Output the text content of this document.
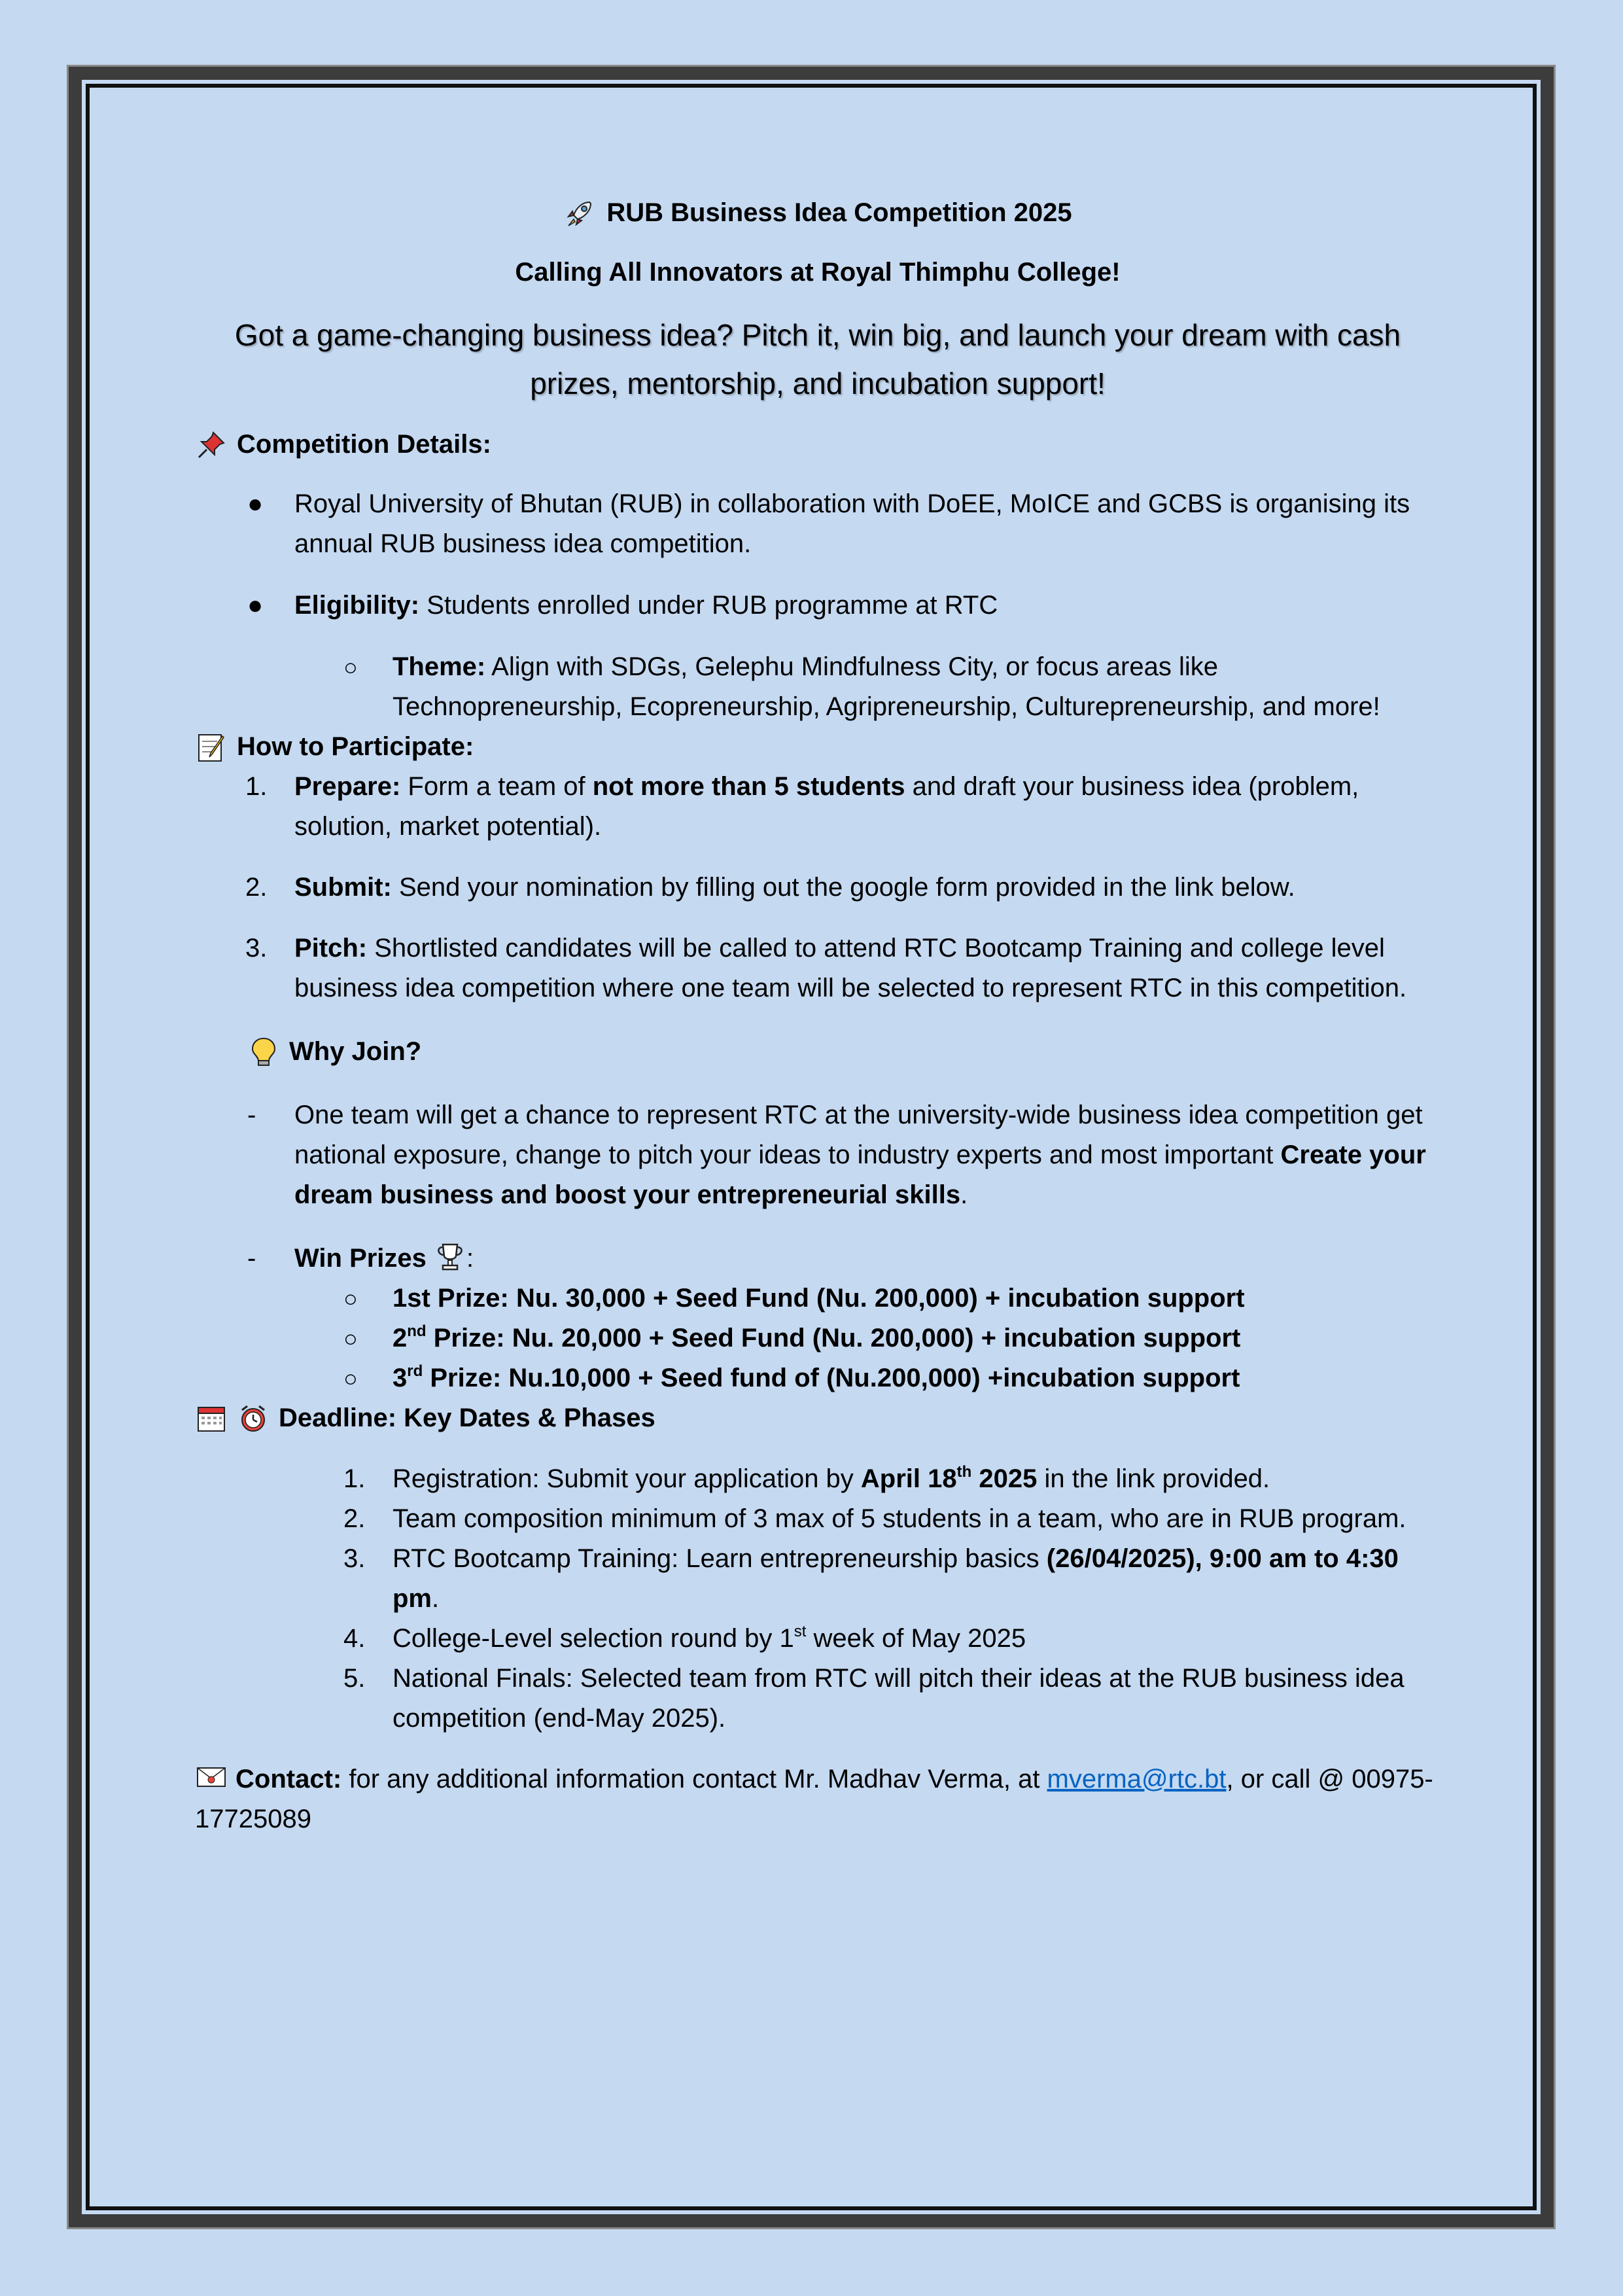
RUB Business Idea Competition 2025
Calling All Innovators at Royal Thimphu College!
Got a game-changing business idea? Pitch it, win big, and launch your dream with cash prizes, mentorship, and incubation support!
Competition Details:
● Royal University of Bhutan (RUB) in collaboration with DoEE, MoICE and GCBS is organising its annual RUB business idea competition.
● Eligibility: Students enrolled under RUB programme at RTC
○ Theme: Align with SDGs, Gelephu Mindfulness City, or focus areas like Technopreneurship, Ecopreneurship, Agripreneurship, Culturepreneurship, and more!
How to Participate:
1. Prepare: Form a team of not more than 5 students and draft your business idea (problem, solution, market potential).
2. Submit: Send your nomination by filling out the google form provided in the link below.
3. Pitch: Shortlisted candidates will be called to attend RTC Bootcamp Training and college level business idea competition where one team will be selected to represent RTC in this competition.
Why Join?
- One team will get a chance to represent RTC at the university-wide business idea competition get national exposure, change to pitch your ideas to industry experts and most important Create your dream business and boost your entrepreneurial skills.
- Win Prizes :
○ 1st Prize: Nu. 30,000 + Seed Fund (Nu. 200,000) + incubation support
○ 2nd Prize: Nu. 20,000 + Seed Fund (Nu. 200,000) + incubation support
○ 3rd Prize: Nu.10,000 + Seed fund of (Nu.200,000) +incubation support
Deadline: Key Dates & Phases
1. Registration: Submit your application by April 18th 2025 in the link provided.
2. Team composition minimum of 3 max of 5 students in a team, who are in RUB program.
3. RTC Bootcamp Training: Learn entrepreneurship basics (26/04/2025), 9:00 am to 4:30 pm.
4. College-Level selection round by 1st week of May 2025
5. National Finals: Selected team from RTC will pitch their ideas at the RUB business idea competition (end-May 2025).
Contact: for any additional information contact Mr. Madhav Verma, at mverma@rtc.bt, or call @ 00975-17725089
